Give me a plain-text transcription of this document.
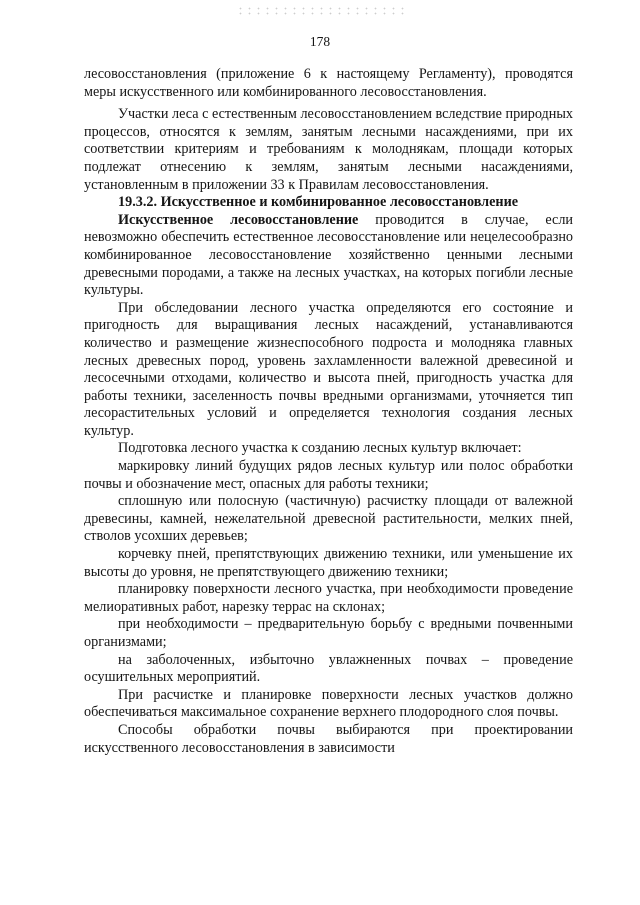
178

лесовосстановления (приложение 6 к настоящему Регламенту), проводятся меры искусственного или комбинированного лесовосстановления.

Участки леса с естественным лесовосстановлением вследствие природных процессов, относятся к землям, занятым лесными насаждениями, при их соответствии критериям и требованиям к молоднякам, площади которых подлежат отнесению к землям, занятым лесными насаждениями, установленным в приложении 33 к Правилам лесовосстановления.

19.3.2. Искусственное и комбинированное лесовосстановление

Искусственное лесовосстановление проводится в случае, если невозможно обеспечить естественное лесовосстановление или нецелесообразно комбинированное лесовосстановление хозяйственно ценными лесными древесными породами, а также на лесных участках, на которых погибли лесные культуры.

При обследовании лесного участка определяются его состояние и пригодность для выращивания лесных насаждений, устанавливаются количество и размещение жизнеспособного подроста и молодняка главных лесных древесных пород, уровень захламленности валежной древесиной и лесосечными отходами, количество и высота пней, пригодность участка для работы техники, заселенность почвы вредными организмами, уточняется тип лесорастительных условий и определяется технология создания лесных культур.

Подготовка лесного участка к созданию лесных культур включает:

маркировку линий будущих рядов лесных культур или полос обработки почвы и обозначение мест, опасных для работы техники;

сплошную или полосную (частичную) расчистку площади от валежной древесины, камней, нежелательной древесной растительности, мелких пней, стволов усохших деревьев;

корчевку пней, препятствующих движению техники, или уменьшение их высоты до уровня, не препятствующего движению техники;

планировку поверхности лесного участка, при необходимости проведение мелиоративных работ, нарезку террас на склонах;

при необходимости – предварительную борьбу с вредными почвенными организмами;

на заболоченных, избыточно увлажненных почвах – проведение осушительных мероприятий.

При расчистке и планировке поверхности лесных участков должно обеспечиваться максимальное сохранение верхнего плодородного слоя почвы.

Способы обработки почвы выбираются при проектировании искусственного лесовосстановления в зависимости
